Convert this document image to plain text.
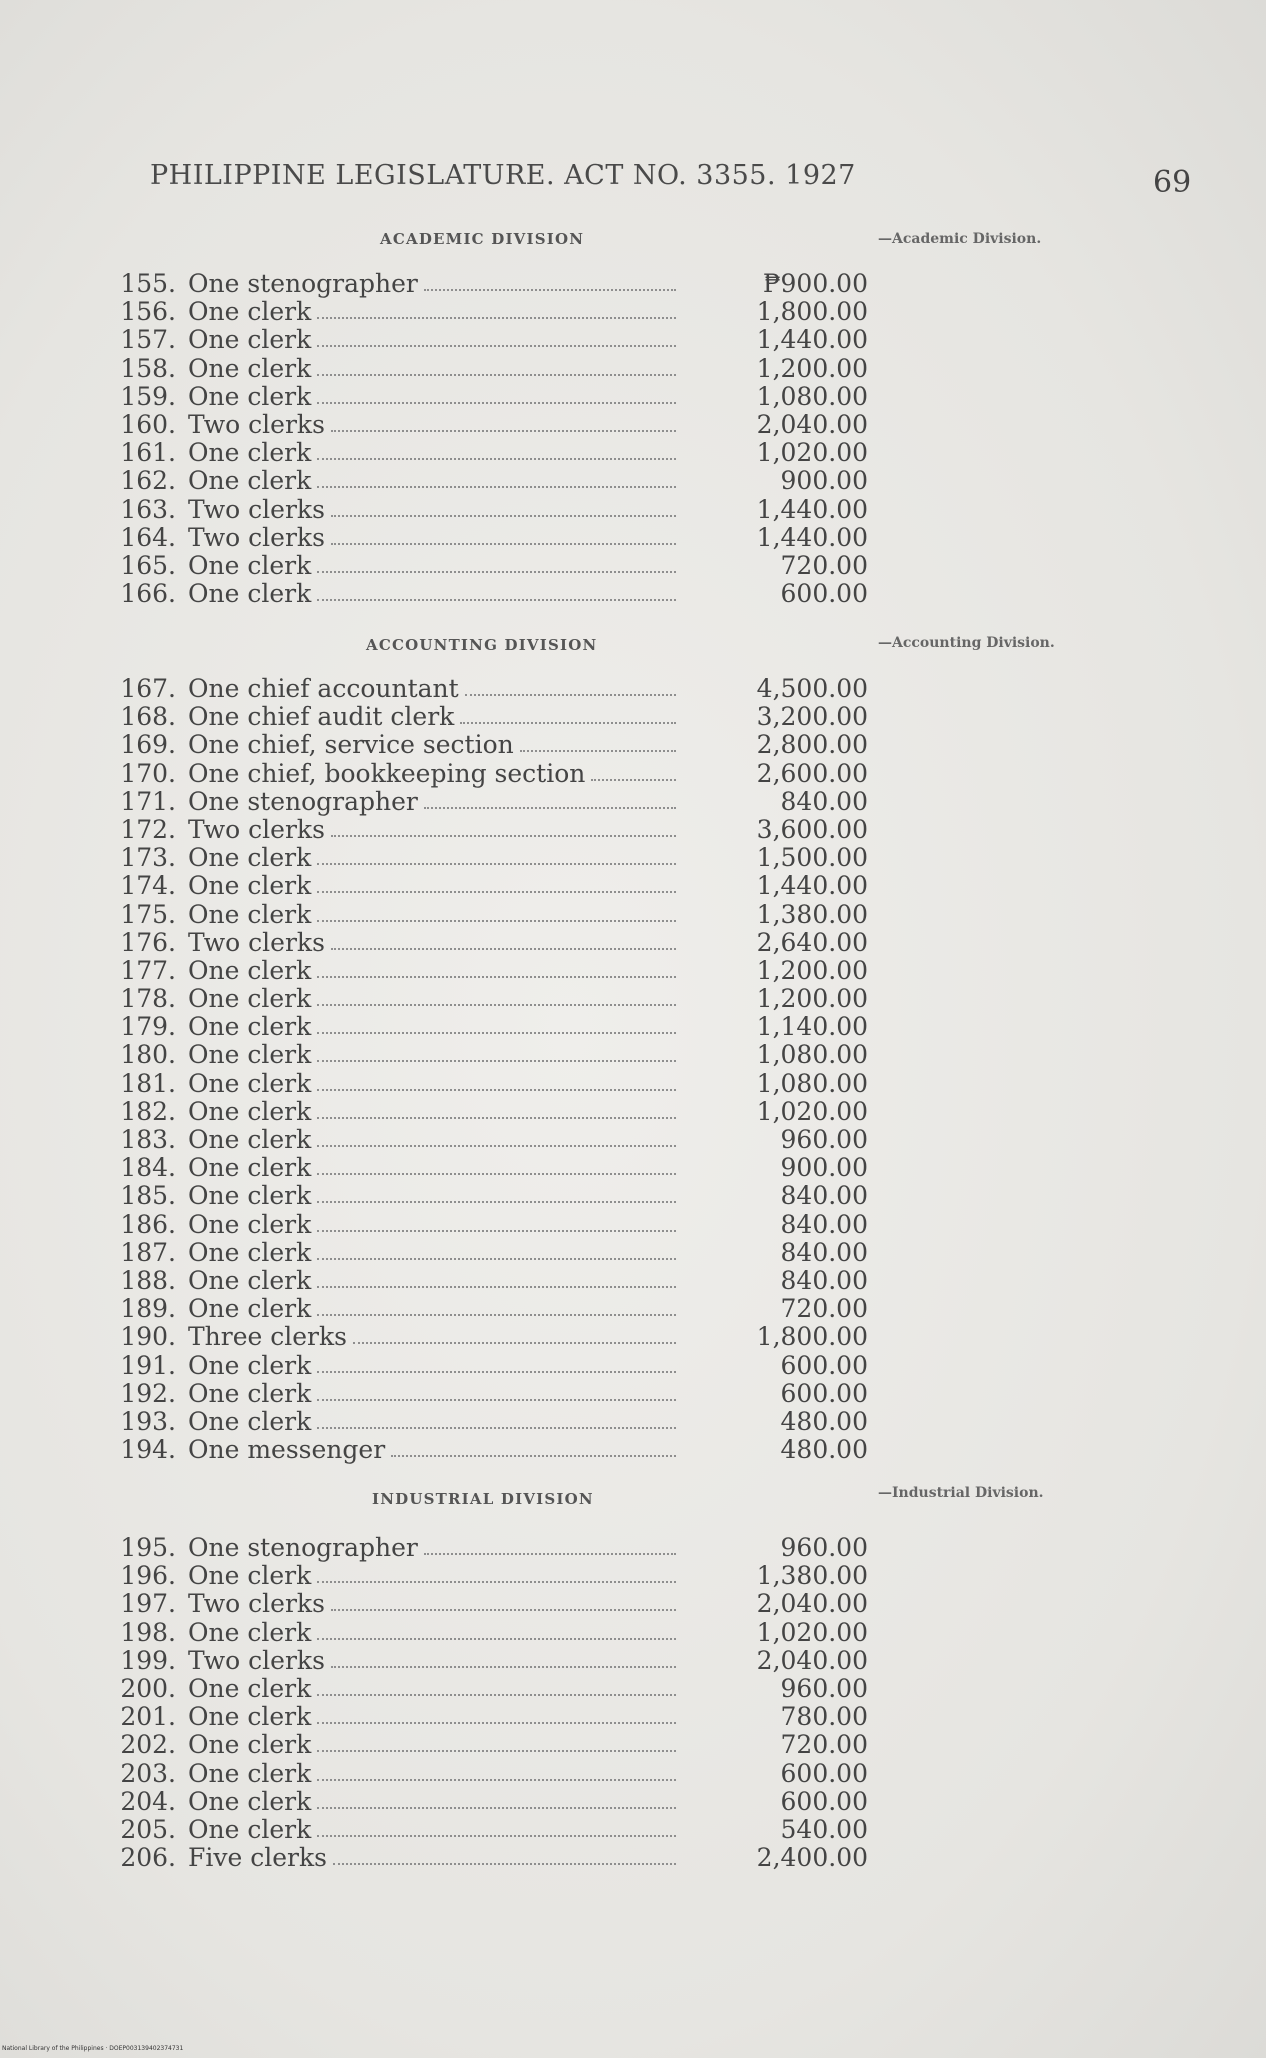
PHILIPPINE LEGISLATURE. ACT NO. 3355. 1927	69
ACADEMIC DIVISION	—Academic Division.
155. One stenographer	₱900.00
156. One clerk	1,800.00
157. One clerk	1,440.00
158. One clerk	1,200.00
159. One clerk	1,080.00
160. Two clerks	2,040.00
161. One clerk	1,020.00
162. One clerk	900.00
163. Two clerks	1,440.00
164. Two clerks	1,440.00
165. One clerk	720.00
166. One clerk	600.00
ACCOUNTING DIVISION	—Accounting Division.
167. One chief accountant	4,500.00
168. One chief audit clerk	3,200.00
169. One chief, service section	2,800.00
170. One chief, bookkeeping section	2,600.00
171. One stenographer	840.00
172. Two clerks	3,600.00
173. One clerk	1,500.00
174. One clerk	1,440.00
175. One clerk	1,380.00
176. Two clerks	2,640.00
177. One clerk	1,200.00
178. One clerk	1,200.00
179. One clerk	1,140.00
180. One clerk	1,080.00
181. One clerk	1,080.00
182. One clerk	1,020.00
183. One clerk	960.00
184. One clerk	900.00
185. One clerk	840.00
186. One clerk	840.00
187. One clerk	840.00
188. One clerk	840.00
189. One clerk	720.00
190. Three clerks	1,800.00
191. One clerk	600.00
192. One clerk	600.00
193. One clerk	480.00
194. One messenger	480.00
INDUSTRIAL DIVISION	—Industrial Division.
195. One stenographer	960.00
196. One clerk	1,380.00
197. Two clerks	2,040.00
198. One clerk	1,020.00
199. Two clerks	2,040.00
200. One clerk	960.00
201. One clerk	780.00
202. One clerk	720.00
203. One clerk	600.00
204. One clerk	600.00
205. One clerk	540.00
206. Five clerks	2,400.00
National Library of the Philippines · DOEP003139402374731
